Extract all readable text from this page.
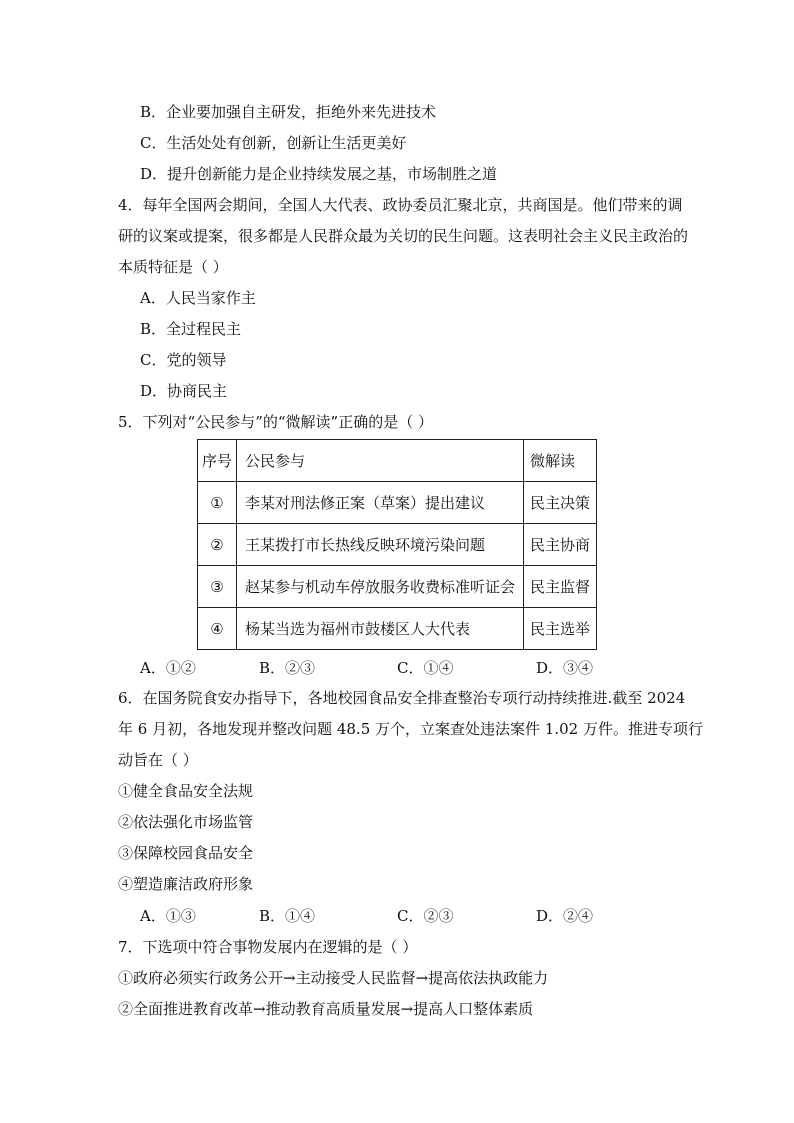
B．企业要加强自主研发，拒绝外来先进技术
C．生活处处有创新，创新让生活更美好
D．提升创新能力是企业持续发展之基，市场制胜之道
4．每年全国两会期间，全国人大代表、政协委员汇聚北京，共商国是。他们带来的调
研的议案或提案，很多都是人民群众最为关切的民生问题。这表明社会主义民主政治的
本质特征是（ ）
A．人民当家作主
B．全过程民主
C．党的领导
D．协商民主
5．下列对“公民参与”的“微解读”正确的是（ ）
序号	公民参与	微解读
①	李某对刑法修正案（草案）提出建议	民主决策
②	王某拨打市长热线反映环境污染问题	民主协商
③	赵某参与机动车停放服务收费标准听证会	民主监督
④	杨某当选为福州市鼓楼区人大代表	民主选举
A．①②	B．②③	C．①④	D．③④
6．在国务院食安办指导下，各地校园食品安全排查整治专项行动持续推进.截至 2024
年 6 月初，各地发现并整改问题 48.5 万个，立案查处违法案件 1.02 万件。推进专项行
动旨在（ ）
①健全食品安全法规
②依法强化市场监管
③保障校园食品安全
④塑造廉洁政府形象
A．①③	B．①④	C．②③	D．②④
7．下选项中符合事物发展内在逻辑的是（ ）
①政府必须实行政务公开→主动接受人民监督→提高依法执政能力
②全面推进教育改革→推动教育高质量发展→提高人口整体素质
